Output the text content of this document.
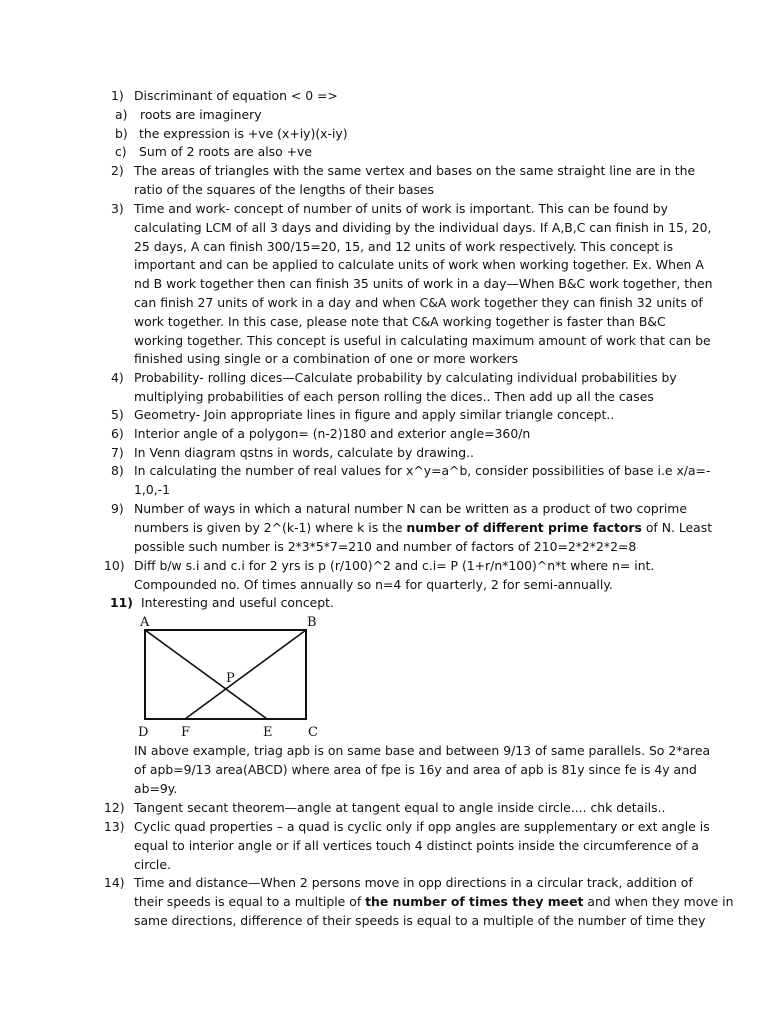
1) Discriminant of equation < 0 =>
a) roots are imaginery
b) the expression is +ve (x+iy)(x-iy)
c) Sum of 2 roots are also +ve
2) The areas of triangles with the same vertex and bases on the same straight line are in the
ratio of the squares of the lengths of their bases
3) Time and work- concept of number of units of work is important. This can be found by
calculating LCM of all 3 days and dividing by the individual days. If A,B,C can finish in 15, 20,
25 days, A can finish 300/15=20, 15, and 12 units of work respectively. This concept is
important and can be applied to calculate units of work when working together. Ex. When A
nd B work together then can finish 35 units of work in a day—When B&C work together, then
can finish 27 units of work in a day and when C&A work together they can finish 32 units of
work together. In this case, please note that C&A working together is faster than B&C
working together. This concept is useful in calculating maximum amount of work that can be
finished using single or a combination of one or more workers
4) Probability- rolling dices—Calculate probability by calculating individual probabilities by
multiplying probabilities of each person rolling the dices.. Then add up all the cases
5) Geometry- Join appropriate lines in figure and apply similar triangle concept..
6) Interior angle of a polygon= (n-2)180 and exterior angle=360/n
7) In Venn diagram qstns in words, calculate by drawing..
8) In calculating the number of real values for x^y=a^b, consider possibilities of base i.e x/a=-
1,0,-1
9) Number of ways in which a natural number N can be written as a product of two coprime
numbers is given by 2^(k-1) where k is the number of different prime factors of N. Least
possible such number is 2*3*5*7=210 and number of factors of 210=2*2*2*2=8
10) Diff b/w s.i and c.i for 2 yrs is p (r/100)^2 and c.i= P (1+r/n*100)^n*t where n= int.
Compounded no. Of times annually so n=4 for quarterly, 2 for semi-annually.
11) Interesting and useful concept.
IN above example, triag apb is on same base and between 9/13 of same parallels. So 2*area
of apb=9/13 area(ABCD) where area of fpe is 16y and area of apb is 81y since fe is 4y and
ab=9y.
12) Tangent secant theorem—angle at tangent equal to angle inside circle.... chk details..
13) Cyclic quad properties – a quad is cyclic only if opp angles are supplementary or ext angle is
equal to interior angle or if all vertices touch 4 distinct points inside the circumference of a
circle.
14) Time and distance—When 2 persons move in opp directions in a circular track, addition of
their speeds is equal to a multiple of the number of times they meet and when they move in
same directions, difference of their speeds is equal to a multiple of the number of time they
A	B
D	F	E	C
P
